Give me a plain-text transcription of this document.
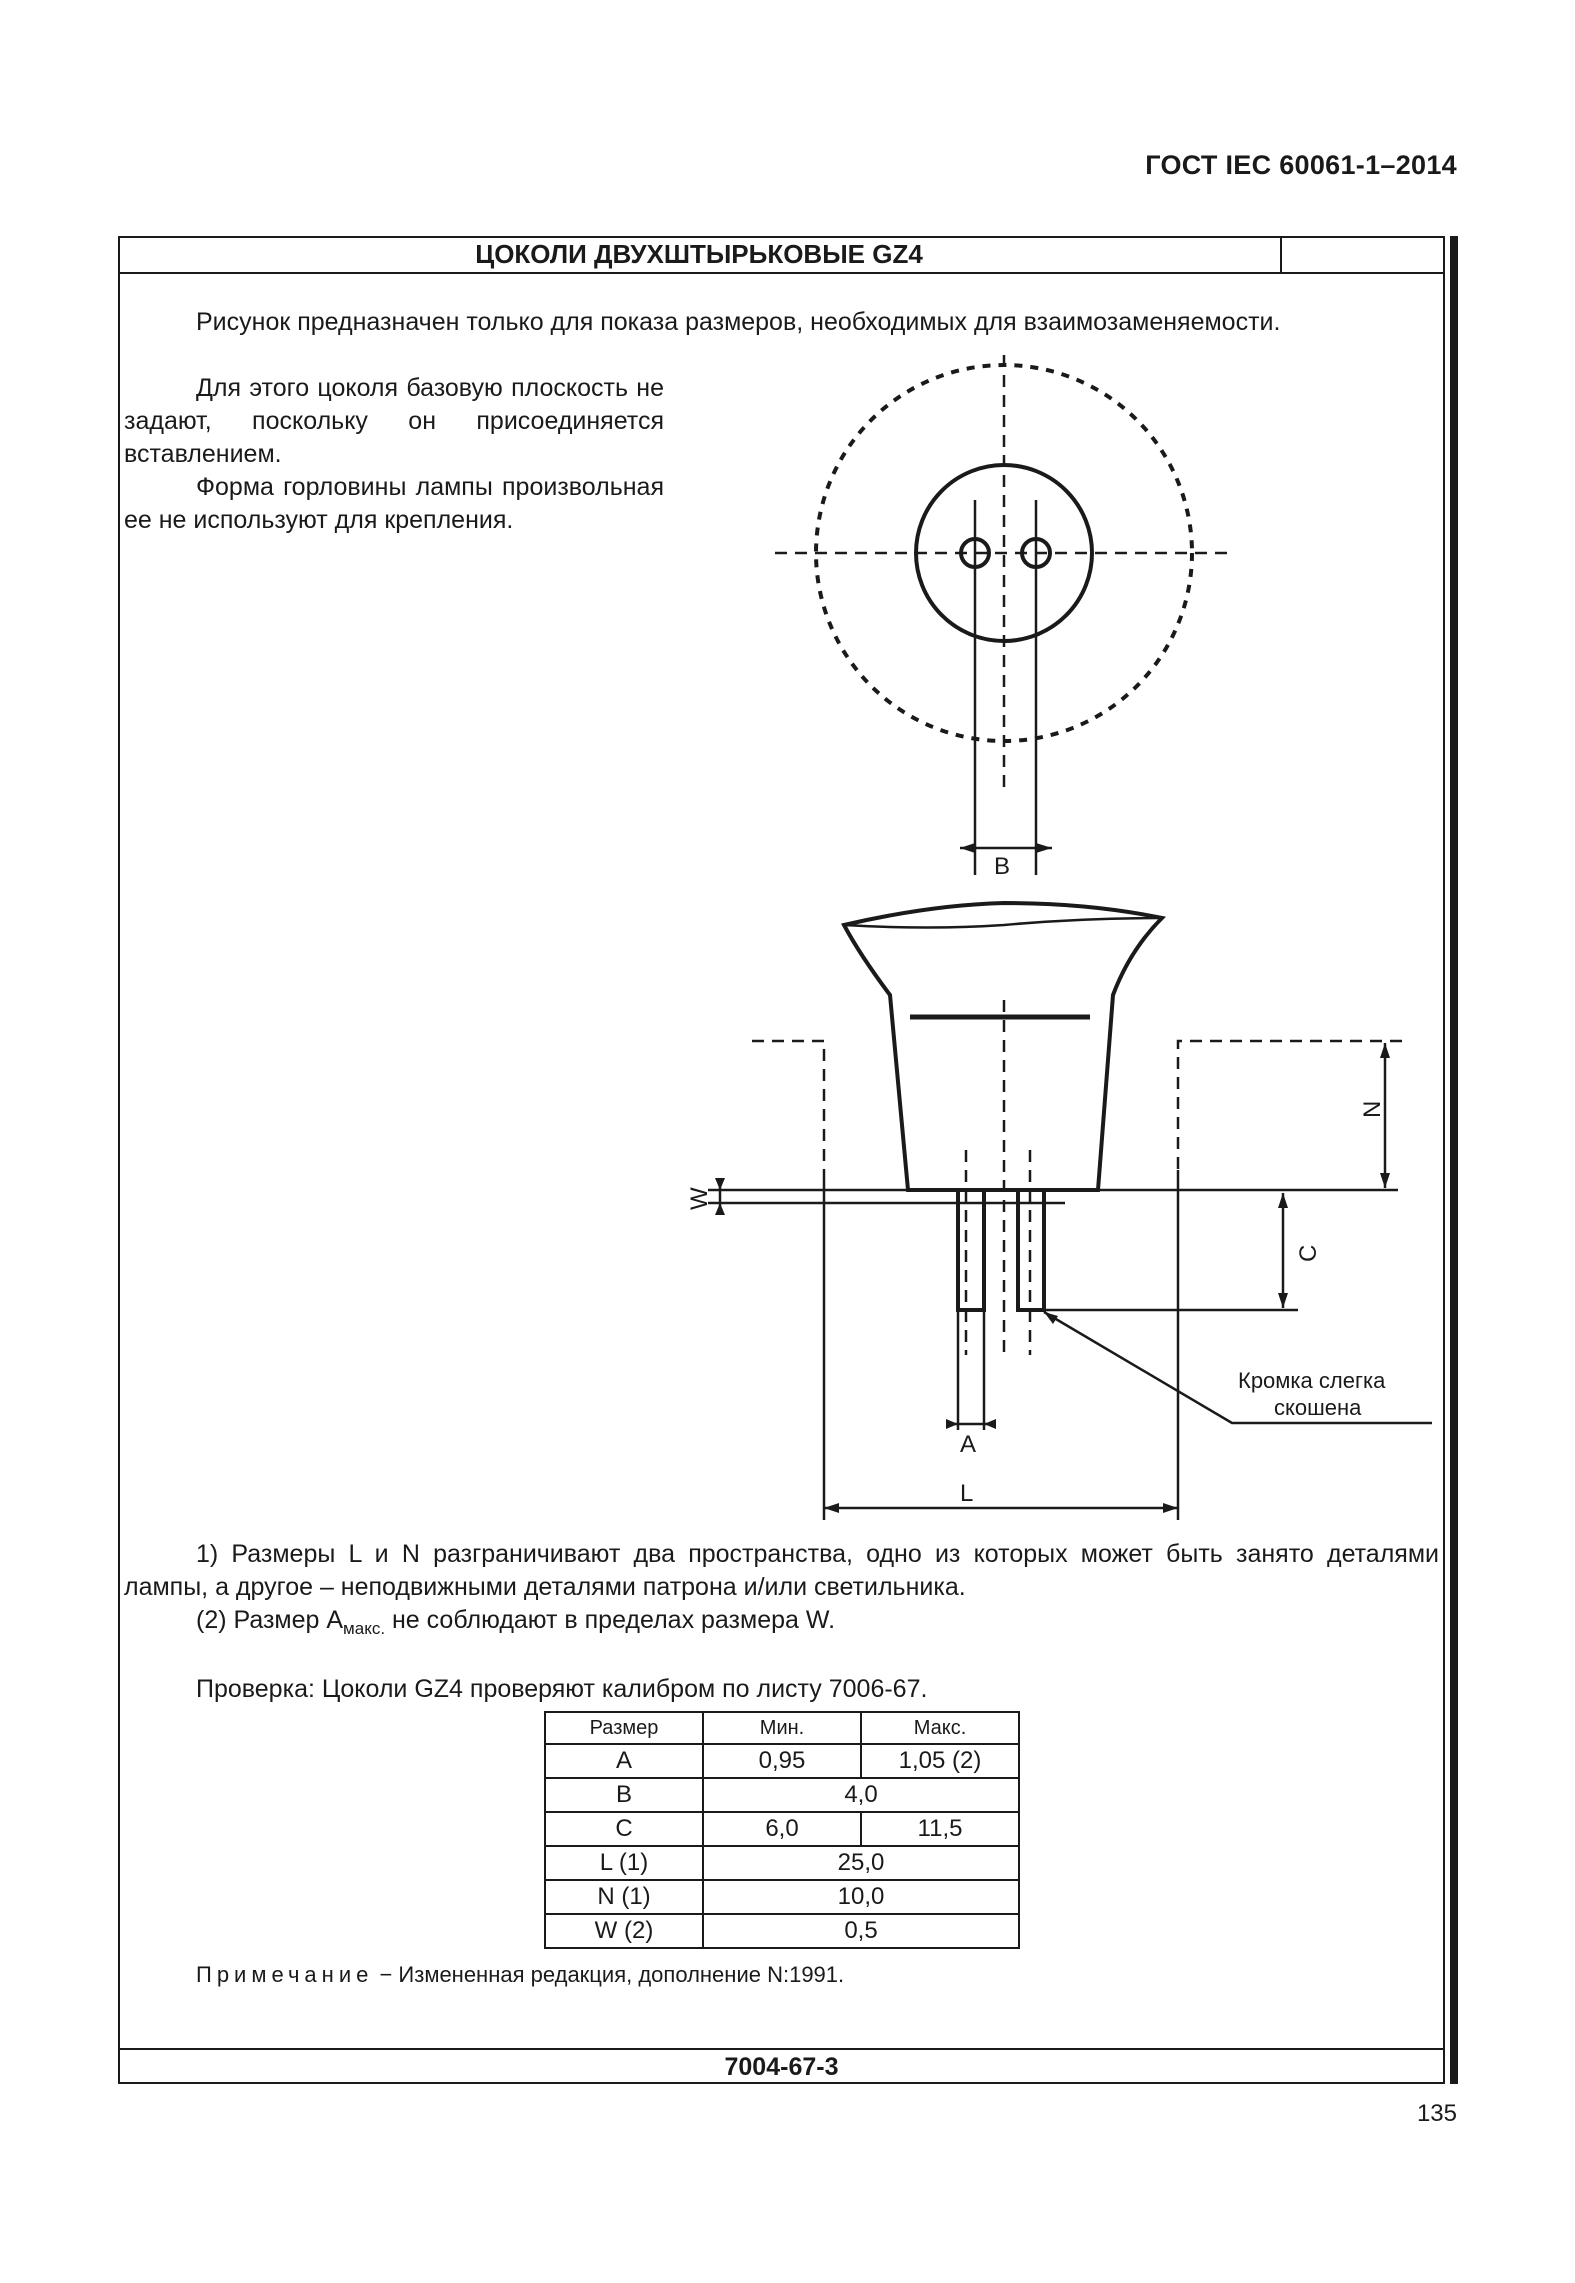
ГОСТ IEC 60061-1–2014
ЦОКОЛИ ДВУХШТЫРЬКОВЫЕ GZ4
Рисунок предназначен только для показа размеров, необходимых для взаимозаменяемости.

Для этого цоколя базовую плоскость не задают, поскольку он присоединяется вставлением.

Форма горловины лампы произвольная ее не используют для крепления.

B
N
W
C
A
L
Кромка слегка
скошена

1) Размеры L и N разграничивают два пространства, одно из которых может быть занято деталями лампы, а другое – неподвижными деталями патрона и/или светильника.

(2) Размер $A_{макс.}$ не соблюдают в пределах размера W.

Проверка: Цоколи GZ4 проверяют калибром по листу 7006-67.
Размер	Мин.	Макс.
A	0,95	1,05 (2)
B	4,0	
C	6,0	11,5
L (1)	25,0	
N (1)	10,0	
W (2)	0,5	
Примечание − Измененная редакция, дополнение N:1991.
7004-67-3
135
